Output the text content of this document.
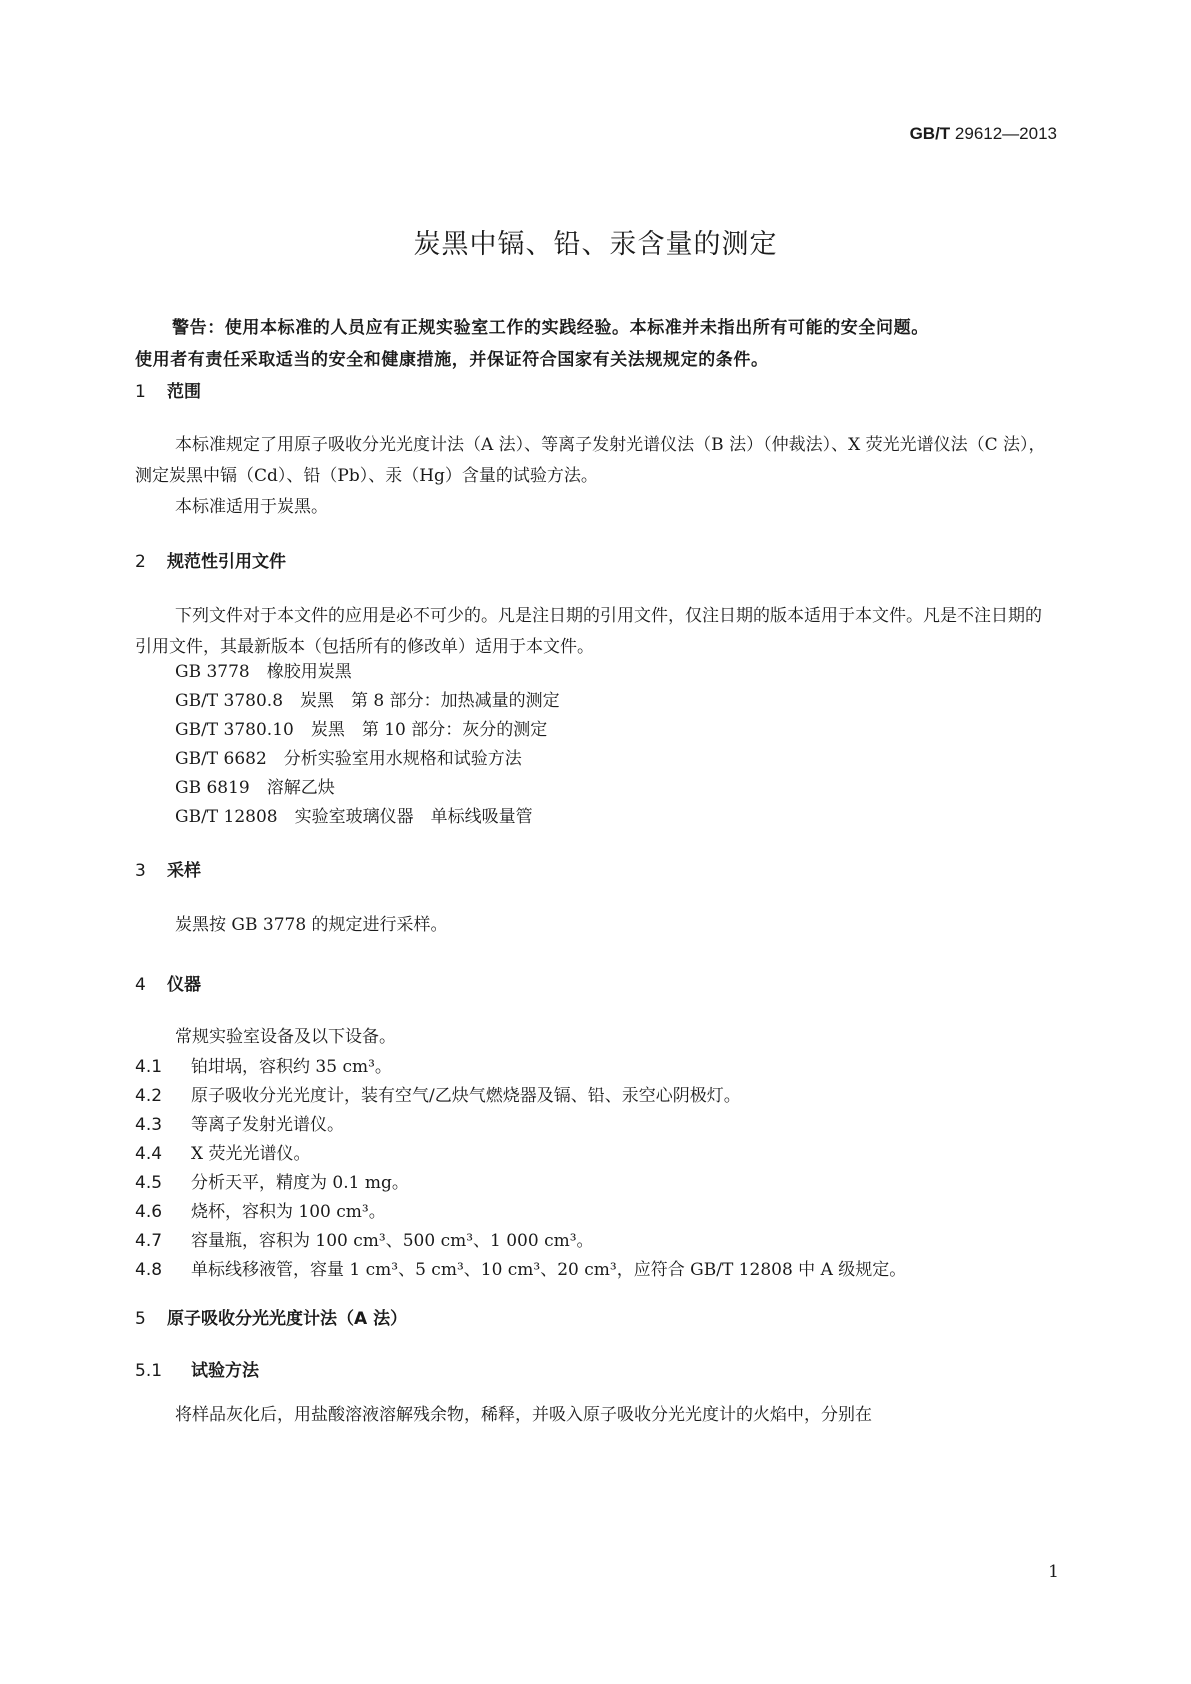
GB/T 29612—2013
炭黑中镉、铅、汞含量的测定

警告：使用本标准的人员应有正规实验室工作的实践经验。本标准并未指出所有可能的安全问题。

使用者有责任采取适当的安全和健康措施，并保证符合国家有关法规规定的条件。

1 范围

本标准规定了用原子吸收分光光度计法（A 法）、等离子发射光谱仪法（B 法）（仲裁法）、X 荧光光谱仪法（C 法），测定炭黑中镉（Cd）、铅（Pb）、汞（Hg）含量的试验方法。

本标准适用于炭黑。

2 规范性引用文件

下列文件对于本文件的应用是必不可少的。凡是注日期的引用文件，仅注日期的版本适用于本文件。凡是不注日期的引用文件，其最新版本（包括所有的修改单）适用于本文件。

GB 3778　橡胶用炭黑
GB/T 3780.8　炭黑　第 8 部分：加热减量的测定
GB/T 3780.10　炭黑　第 10 部分：灰分的测定
GB/T 6682　分析实验室用水规格和试验方法
GB 6819　溶解乙炔
GB/T 12808　实验室玻璃仪器　单标线吸量管
3 采样

炭黑按 GB 3778 的规定进行采样。

4 仪器

常规实验室设备及以下设备。

4.1 铂坩埚，容积约 35 cm³。
4.2 原子吸收分光光度计，装有空气/乙炔气燃烧器及镉、铅、汞空心阴极灯。
4.3 等离子发射光谱仪。
4.4 X 荧光光谱仪。
4.5 分析天平，精度为 0.1 mg。
4.6 烧杯，容积为 100 cm³。
4.7 容量瓶，容积为 100 cm³、500 cm³、1 000 cm³。
4.8 单标线移液管，容量 1 cm³、5 cm³、10 cm³、20 cm³，应符合 GB/T 12808 中 A 级规定。
5 原子吸收分光光度计法（A 法）
5.1 试验方法

将样品灰化后，用盐酸溶液溶解残余物，稀释，并吸入原子吸收分光光度计的火焰中，分别在

1
